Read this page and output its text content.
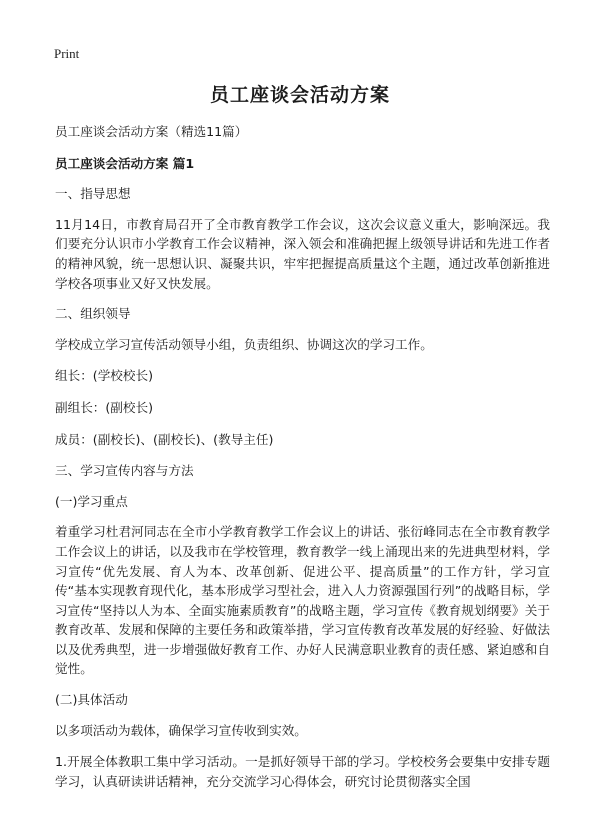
Print
员工座谈会活动方案

员工座谈会活动方案（精选11篇）

员工座谈会活动方案 篇1

一、指导思想

11月14日，市教育局召开了全市教育教学工作会议，这次会议意义重大，影响深远。我们要充分认识市小学教育工作会议精神，深入领会和准确把握上级领导讲话和先进工作者的精神风貌，统一思想认识、凝聚共识，牢牢把握提高质量这个主题，通过改革创新推进学校各项事业又好又快发展。

二、组织领导

学校成立学习宣传活动领导小组，负责组织、协调这次的学习工作。

组长：(学校校长)

副组长：(副校长)

成员：(副校长)、(副校长)、(教导主任)

三、学习宣传内容与方法

(一)学习重点

着重学习杜君河同志在全市小学教育教学工作会议上的讲话、张衍峰同志在全市教育教学工作会议上的讲话，以及我市在学校管理，教育教学一线上涌现出来的先进典型材料，学习宣传“优先发展、育人为本、改革创新、促进公平、提高质量”的工作方针，学习宣传“基本实现教育现代化，基本形成学习型社会，进入人力资源强国行列”的战略目标，学习宣传“坚持以人为本、全面实施素质教育”的战略主题，学习宣传《教育规划纲要》关于教育改革、发展和保障的主要任务和政策举措，学习宣传教育改革发展的好经验、好做法以及优秀典型，进一步增强做好教育工作、办好人民满意职业教育的责任感、紧迫感和自觉性。

(二)具体活动

以多项活动为载体，确保学习宣传收到实效。

1.开展全体教职工集中学习活动。一是抓好领导干部的学习。学校校务会要集中安排专题学习，认真研读讲话精神，充分交流学习心得体会，研究讨论贯彻落实全国
